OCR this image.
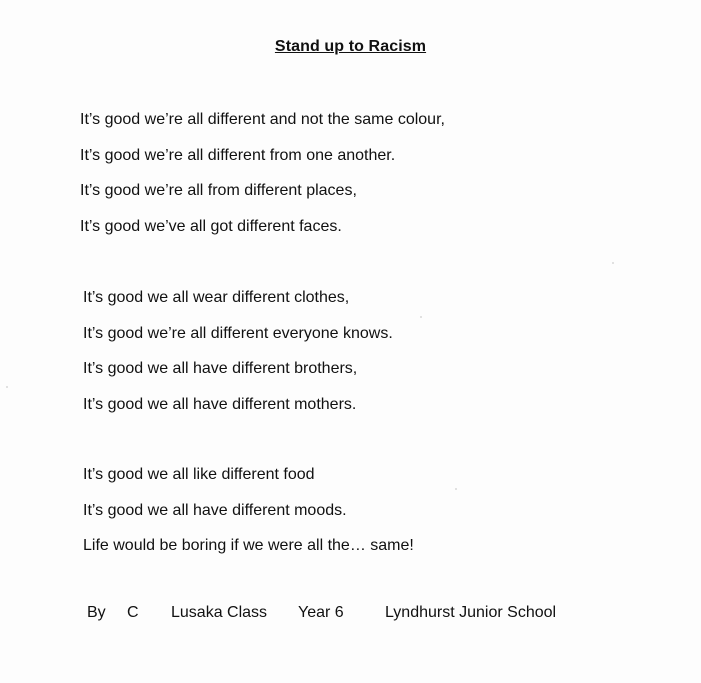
Stand up to Racism
It’s good we’re all different and not the same colour,
It’s good we’re all different from one another.
It’s good we’re all from different places,
It’s good we’ve all got different faces.
It’s good we all wear different clothes,
It’s good we’re all different everyone knows.
It’s good we all have different brothers,
It’s good we all have different mothers.
It’s good we all like different food
It’s good we all have different moods.
Life would be boring if we were all the… same!
By C Lusaka Class Year 6	Lyndhurst Junior School
